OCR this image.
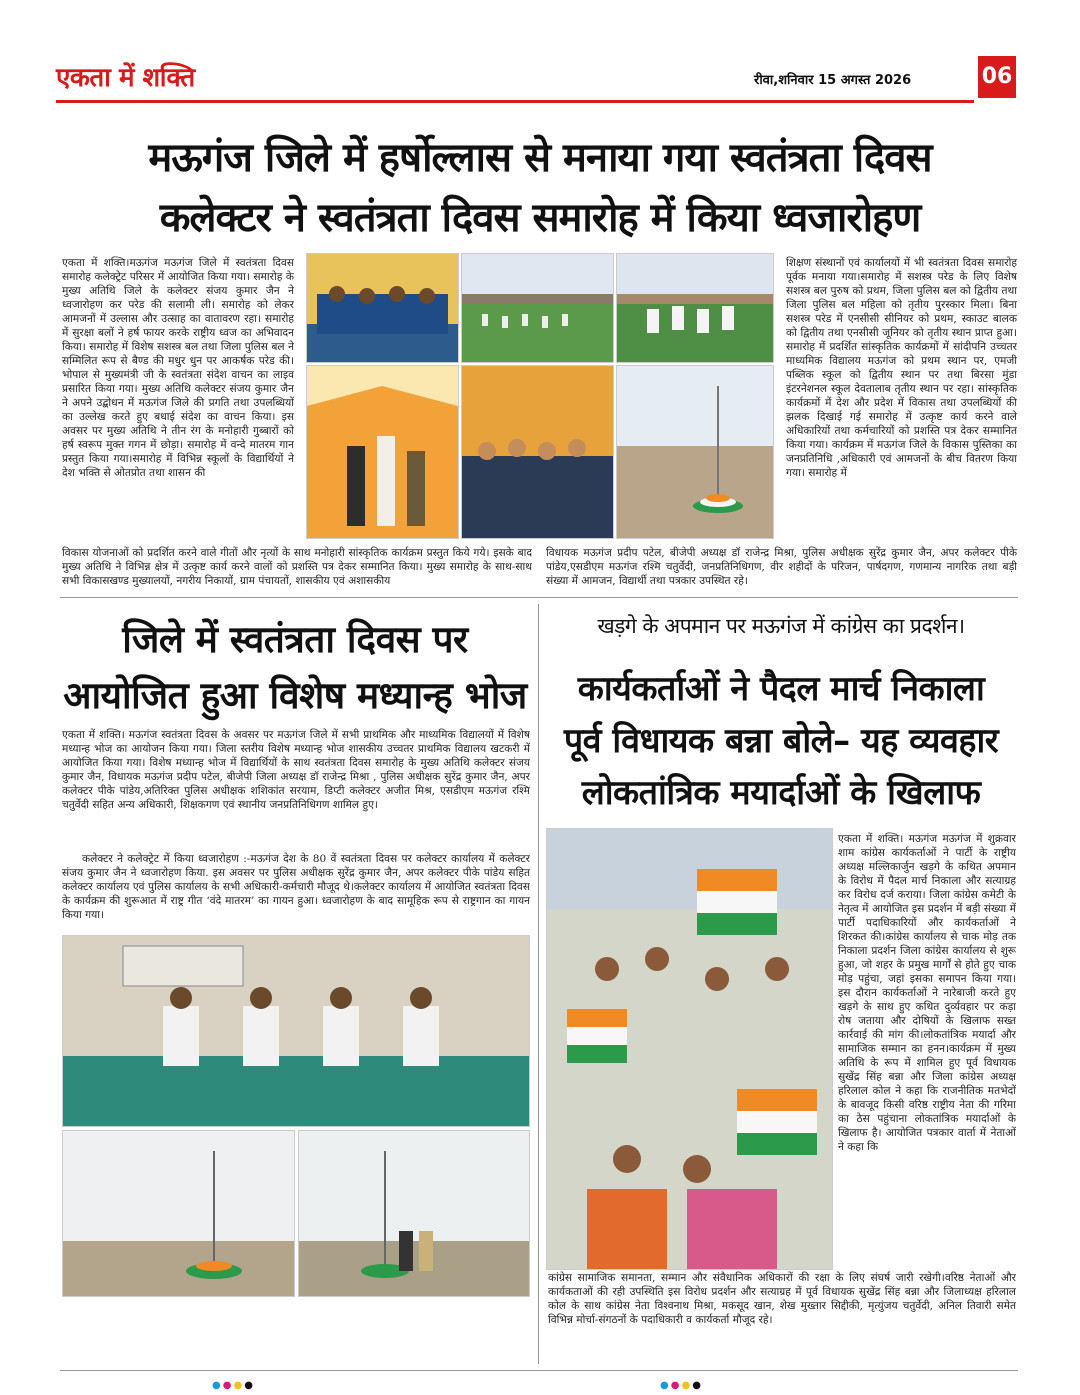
एकता में शक्ति	रीवा,शनिवार 15 अगस्त 2026	06
मऊगंज जिले में हर्षोल्लास से मनाया गया स्वतंत्रता दिवस
कलेक्टर ने स्वतंत्रता दिवस समारोह में किया ध्वजारोहण
एकता में शक्ति।मऊगंज मऊगंज जिले में स्वतंत्रता दिवस समारोह कलेक्ट्रेट परिसर में आयोजित किया गया। समारोह के मुख्य अतिथि जिले के कलेक्टर संजय कुमार जैन ने ध्वजारोहण कर परेड की सलामी ली। समारोह को लेकर आमजनों में उल्लास और उत्साह का वातावरण रहा। समारोह में सुरक्षा बलों ने हर्ष फायर करके राष्ट्रीय ध्वज का अभिवादन किया। समारोह में विशेष सशस्त्र बल तथा जिला पुलिस बल ने सम्मिलित रूप से बैण्ड की मधुर धुन पर आकर्षक परेड की। भोपाल से मुख्यमंत्री जी के स्वतंत्रता संदेश वाचन का लाइव प्रसारित किया गया। मुख्य अतिथि कलेक्टर संजय कुमार जैन ने अपने उद्बोधन में मऊगंज जिले की प्रगति तथा उपलब्धियों का उल्लेख करते हुए बधाई संदेश का वाचन किया। इस अवसर पर मुख्य अतिथि ने तीन रंग के मनोहारी गुब्बारों को हर्ष स्वरूप मुक्त गगन में छोड़ा। समारोह में वन्दे मातरम गान प्रस्तुत किया गया।समारोह में विभिन्न स्कूलों के विद्यार्थियों ने देश भक्ति से ओतप्रोत तथा शासन की
शिक्षण संस्थानों एवं कार्यालयों में भी स्वतंत्रता दिवस समारोह पूर्वक मनाया गया।समारोह में सशस्त्र परेड के लिए विशेष सशस्त्र बल पुरुष को प्रथम, जिला पुलिस बल को द्वितीय तथा जिला पुलिस बल महिला को तृतीय पुरस्कार मिला। बिना सशस्त्र परेड में एनसीसी सीनियर को प्रथम, स्काउट बालक को द्वितीय तथा एनसीसी जूनियर को तृतीय स्थान प्राप्त हुआ। समारोह में प्रदर्शित सांस्कृतिक कार्यक्रमों में सांदीपनि उच्चतर माध्यमिक विद्यालय मऊगंज को प्रथम स्थान पर, एमजी पब्लिक स्कूल को द्वितीय स्थान पर तथा बिरसा मुंडा इंटरनेशनल स्कूल देवतालाब तृतीय स्थान पर रहा। सांस्कृतिक कार्यक्रमों में देश और प्रदेश में विकास तथा उपलब्धियों की झलक दिखाई गई समारोह में उत्कृष्ट कार्य करने वाले अधिकारियों तथा कर्मचारियों को प्रशस्ति पत्र देकर सम्मानित किया गया। कार्यक्रम में मऊगंज जिले के विकास पुस्तिका का जनप्रतिनिधि ,अधिकारी एवं आमजनों के बीच वितरण किया गया। समारोह में
विकास योजनाओं को प्रदर्शित करने वाले गीतों और नृत्यों के साथ मनोहारी सांस्कृतिक कार्यक्रम प्रस्तुत किये गये। इसके बाद मुख्य अतिथि ने विभिन्न क्षेत्र में उत्कृष्ट कार्य करने वालों को प्रशस्ति पत्र देकर सम्मानित किया। मुख्य समारोह के साथ-साथ सभी विकासखण्ड मुख्यालयों, नगरीय निकायों, ग्राम पंचायतों, शासकीय एवं अशासकीय
विधायक मऊगंज प्रदीप पटेल, बीजेपी अध्यक्ष डॉ राजेन्द्र मिश्रा, पुलिस अधीक्षक सुरेंद्र कुमार जैन, अपर कलेक्टर पीके पांडेय,एसडीएम मऊगंज रश्मि चतुर्वेदी, जनप्रतिनिधिगण, वीर शहीदों के परिजन, पार्षदगण, गणमान्य नागरिक तथा बड़ी संख्या में आमजन, विद्यार्थी तथा पत्रकार उपस्थित रहे।
जिले में स्वतंत्रता दिवस पर
आयोजित हुआ विशेष मध्यान्ह भोज
एकता में शक्ति। मऊगंज स्वतंत्रता दिवस के अवसर पर मऊगंज जिले में सभी प्राथमिक और माध्यमिक विद्यालयों में विशेष मध्यान्ह भोज का आयोजन किया गया। जिला स्तरीय विशेष मध्यान्ह भोज शासकीय उच्चतर प्राथमिक विद्यालय खटकरी में आयोजित किया गया। विशेष मध्यान्ह भोज में विद्यार्थियों के साथ स्वतंत्रता दिवस समारोह के मुख्य अतिथि कलेक्टर संजय कुमार जैन, विधायक मऊगंज प्रदीप पटेल, बीजेपी जिला अध्यक्ष डॉ राजेन्द्र मिश्रा , पुलिस अधीक्षक सुरेंद्र कुमार जैन, अपर कलेक्टर पीके पांडेय,अतिरिक्त पुलिस अधीक्षक शशिकांत सरयाम, डिप्टी कलेक्टर अजीत मिश्र, एसडीएम मऊगंज रश्मि चतुर्वेदी सहित अन्य अधिकारी, शिक्षकगण एवं स्थानीय जनप्रतिनिधिगण शामिल हुए।
कलेक्टर ने कलेक्ट्रेट में किया ध्वजारोहण :-मऊगंज देश के 80 वें स्वतंत्रता दिवस पर कलेक्टर कार्यालय में कलेक्टर संजय कुमार जैन ने ध्वजारोहण किया. इस अवसर पर पुलिस अधीक्षक सुरेंद्र कुमार जैन, अपर कलेक्टर पीके पांडेय सहित कलेक्टर कार्यालय एवं पुलिस कार्यालय के सभी अधिकारी-कर्मचारी मौजूद थे।कलेक्टर कार्यालय में आयोजित स्वतंत्रता दिवस के कार्यक्रम की शुरूआत में राष्ट्र गीत ‘वंदे मातरम’ का गायन हुआ। ध्वजारोहण के बाद सामूहिक रूप से राष्ट्रगान का गायन किया गया।
खड़गे के अपमान पर मऊगंज में कांग्रेस का प्रदर्शन।
कार्यकर्ताओं ने पैदल मार्च निकाला
पूर्व विधायक बन्ना बोले– यह व्यवहार
लोकतांत्रिक मयार्दाओं के खिलाफ
एकता में शक्ति। मऊगंज मऊगंज में शुक्रवार शाम कांग्रेस कार्यकर्ताओं ने पार्टी के राष्ट्रीय अध्यक्ष मल्लिकार्जुन खड़गे के कथित अपमान के विरोध में पैदल मार्च निकाला और सत्याग्रह कर विरोध दर्ज कराया। जिला कांग्रेस कमेटी के नेतृत्व में आयोजित इस प्रदर्शन में बड़ी संख्या में पार्टी पदाधिकारियों और कार्यकर्ताओं ने शिरकत की।कांग्रेस कार्यालय से चाक मोड़ तक निकाला प्रदर्शन जिला कांग्रेस कार्यालय से शुरू हुआ, जो शहर के प्रमुख मार्गों से होते हुए चाक मोड़ पहुंचा, जहां इसका समापन किया गया। इस दौरान कार्यकर्ताओं ने नारेबाजी करते हुए खड़गे के साथ हुए कथित दुर्व्यवहार पर कड़ा रोष जताया और दोषियों के खिलाफ सख्त कार्रवाई की मांग की।लोकतांत्रिक मयार्दा और सामाजिक सम्मान का हनन।कार्यक्रम में मुख्य अतिथि के रूप में शामिल हुए पूर्व विधायक सुखेंद्र सिंह बन्ना और जिला कांग्रेस अध्यक्ष हरिलाल कोल ने कहा कि राजनीतिक मतभेदों के बावजूद किसी वरिष्ठ राष्ट्रीय नेता की गरिमा का ठेस पहुंचाना लोकतांत्रिक मयार्दाओं के खिलाफ है। आयोजित पत्रकार वार्ता में नेताओं ने कहा कि
कांग्रेस सामाजिक समानता, सम्मान और संवैधानिक अधिकारों की रक्षा के लिए संघर्ष जारी रखेगी।वरिष्ठ नेताओं और कार्यकताओं की रही उपस्थिति इस विरोध प्रदर्शन और सत्याग्रह में पूर्व विधायक सुखेंद्र सिंह बन्ना और जिलाध्यक्ष हरिलाल कोल के साथ कांग्रेस नेता विश्वनाथ मिश्रा, मकसूद खान, शेख मुख्तार सिद्दीकी, मृत्युंजय चतुर्वेदी, अनिल तिवारी समेत विभिन्न मोर्चा-संगठनों के पदाधिकारी व कार्यकर्ता मौजूद रहे।
●●●●	●●●●
